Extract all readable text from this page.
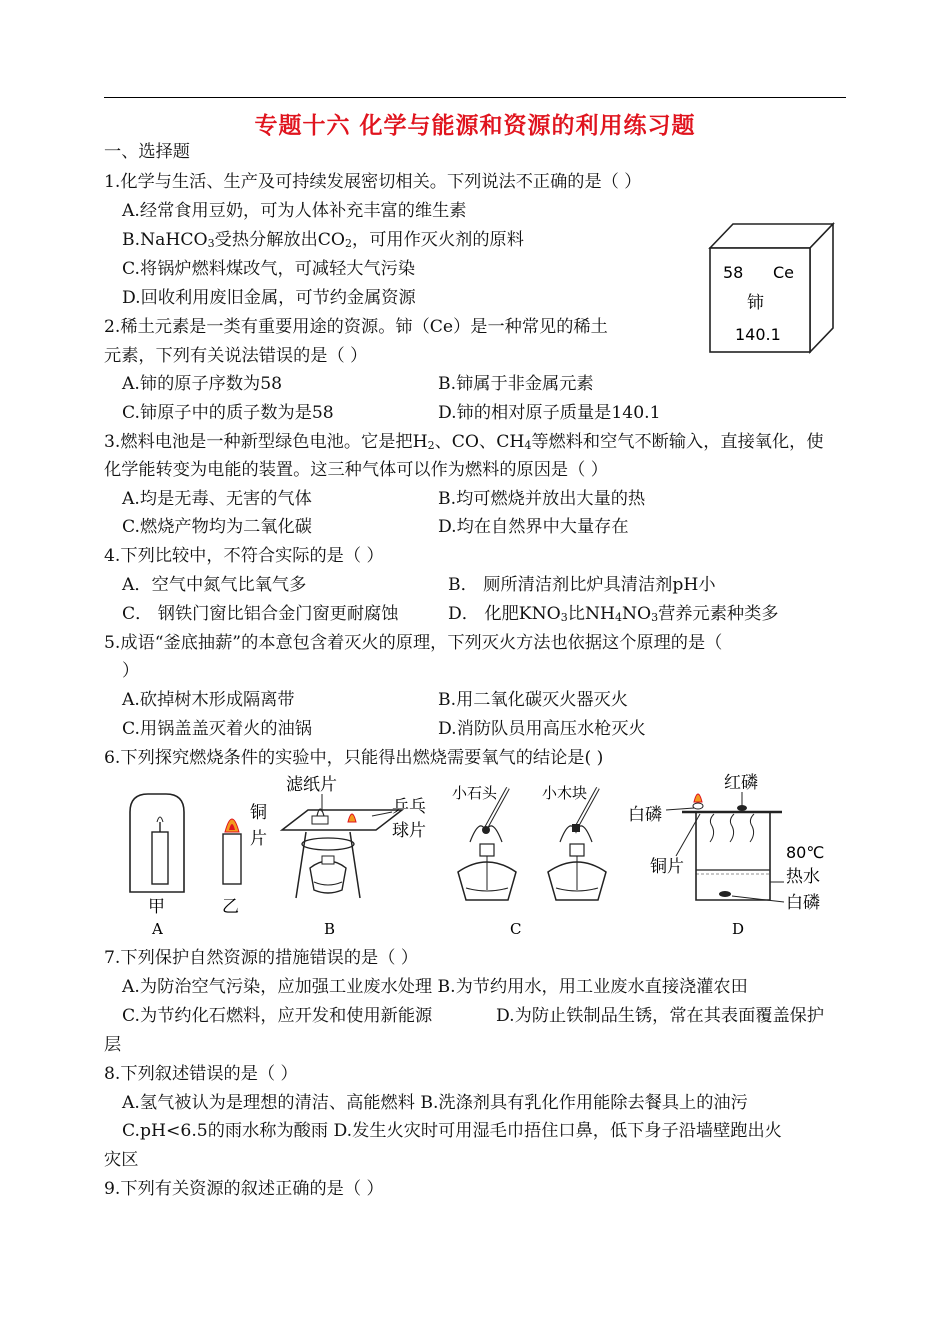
专题十六 化学与能源和资源的利用练习题
一、选择题
1.化学与生活、生产及可持续发展密切相关。下列说法不正确的是（ ）
A.经常食用豆奶，可为人体补充丰富的维生素
B.NaHCO$_3$受热分解放出$CO_2$，可用作灭火剂的原料
C.将锅炉燃料煤改气，可减轻大气污染
D.回收利用废旧金属，可节约金属资源
58 Ce
铈
140.1
2.稀土元素是一类有重要用途的资源。铈（Ce）是一种常见的稀土
元素，下列有关说法错误的是（ ）
A.铈的原子序数为58	B.铈属于非金属元素
C.铈原子中的质子数为是58	D.铈的相对原子质量是140.1
3.燃料电池是一种新型绿色电池。它是把$H_2$、CO、$CH_4$等燃料和空气不断输入，直接氧化，使
化学能转变为电能的装置。这三种气体可以作为燃料的原因是（ ）
A.均是无毒、无害的气体	B.均可燃烧并放出大量的热
C.燃烧产物均为二氧化碳	D.均在自然界中大量存在
4.下列比较中，不符合实际的是（ ）
A．空气中氮气比氧气多	B． 厕所清洁剂比炉具清洁剂pH小
C． 钢铁门窗比铝合金门窗更耐腐蚀	D． 化肥$KNO_3$比$NH_4NO_3$营养元素种类多
5.成语“釜底抽薪”的本意包含着灭火的原理，下列灭火方法也依据这个原理的是（
）
A.砍掉树木形成隔离带	B.用二氧化碳灭火器灭火
C.用锅盖盖灭着火的油锅	D.消防队员用高压水枪灭火
6.下列探究燃烧条件的实验中，只能得出燃烧需要氧气的结论是( )
甲	乙
铜
片
A
滤纸片
乒乓
球片
B
小石头	小木块
C
红磷
白磷
铜片
80℃
热水
白磷
D
7.下列保护自然资源的措施错误的是（ ）
A.为防治空气污染，应加强工业废水处理 B.为节约用水，用工业废水直接浇灌农田
C.为节约化石燃料，应开发和使用新能源	D.为防止铁制品生锈，常在其表面覆盖保护
层
8.下列叙述错误的是（ ）
A.氢气被认为是理想的清洁、高能燃料 B.洗涤剂具有乳化作用能除去餐具上的油污
C.pH<6.5的雨水称为酸雨 D.发生火灾时可用湿毛巾捂住口鼻，低下身子沿墙壁跑出火
灾区
9.下列有关资源的叙述正确的是（ ）
